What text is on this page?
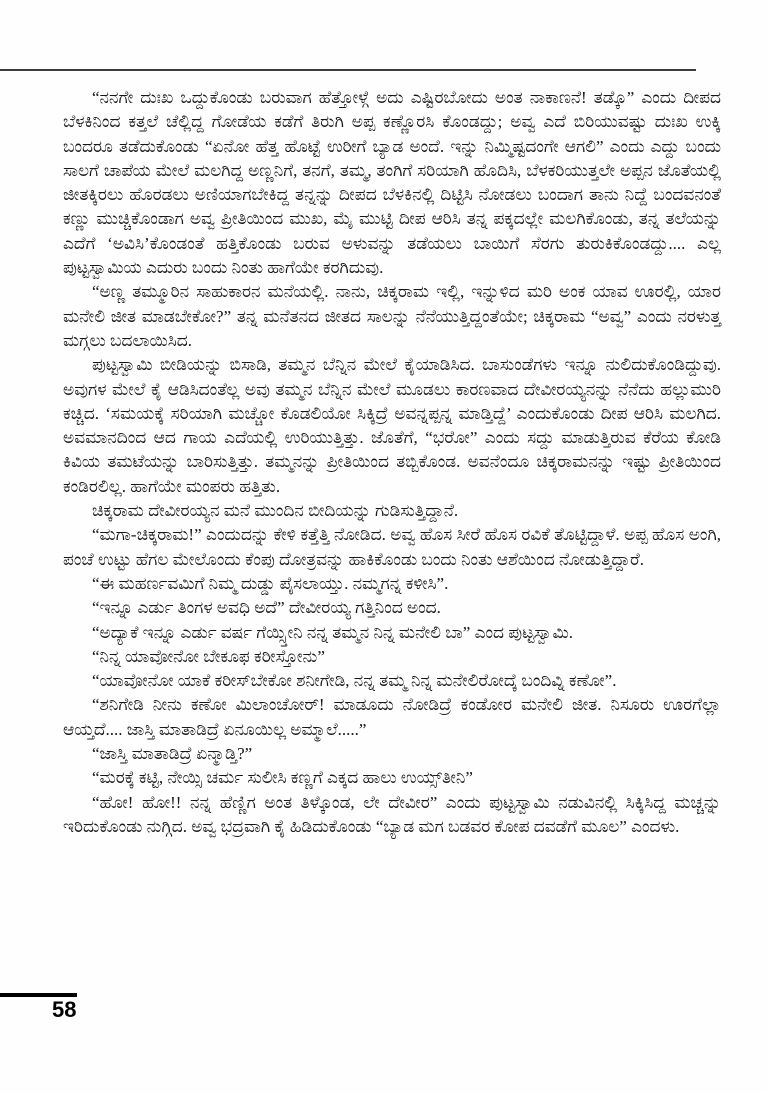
“ನನಗೇ ದುಃಖ ಒದ್ದುಕೊಂಡು ಬರುವಾಗ ಹೆತ್ತೋಳ್ಗೆ ಅದು ಎಷ್ಟಿರಬೋದು ಅಂತ ನಾಕಾಣನೆ! ತಡ್ಕೊ” ಎಂದು ದೀಪದ ಬೆಳಕಿನಿಂದ ಕತ್ತಲೆ ಚೆಲ್ಲಿದ್ದ ಗೋಡೆಯ ಕಡೆಗೆ ತಿರುಗಿ ಅಪ್ಪ ಕಣ್ಣೊರಸಿ ಕೊಂಡದ್ದು; ಅವ್ವ ಎದೆ ಬಿರಿಯುವಷ್ಟು ದುಃಖ ಉಕ್ಕಿ ಬಂದರೂ ತಡೆದುಕೊಂಡು “ಏನೋ ಹೆತ್ತ ಹೊಟ್ಟೆ ಉರೀಗೆ ಬ್ಯಾಡ ಅಂದೆ. ಇನ್ನು ನಿಮ್ಮಿಷ್ಟದಂಗೇ ಆಗಲಿ” ಎಂದು ಎದ್ದು ಬಂದು ಸಾಲಗೆ ಚಾಪೆಯ ಮೇಲೆ ಮಲಗಿದ್ದ ಅಣ್ಣನಿಗೆ, ತನಗೆ, ತಮ್ಮ, ತಂಗಿಗೆ ಸರಿಯಾಗಿ ಹೊದಿಸಿ, ಬೆಳಕರಿಯುತ್ತಲೇ ಅಪ್ಪನ ಜೊತೆಯಲ್ಲಿ ಜೀತಕ್ಕಿರಲು ಹೊರಡಲು ಅಣಿಯಾಗಬೇಕಿದ್ದ ತನ್ನನ್ನು ದೀಪದ ಬೆಳಕಿನಲ್ಲಿ ದಿಟ್ಟಿಸಿ ನೋಡಲು ಬಂದಾಗ ತಾನು ನಿದ್ದೆ ಬಂದವನಂತೆ ಕಣ್ಣು ಮುಚ್ಚಿಕೊಂಡಾಗ ಅವ್ವ ಪ್ರೀತಿಯಿಂದ ಮುಖ, ಮೈ ಮುಟ್ಟಿ ದೀಪ ಆರಿಸಿ ತನ್ನ ಪಕ್ಕದಲ್ಲೇ ಮಲಗಿಕೊಂಡು, ತನ್ನ ತಲೆಯನ್ನು ಎದೆಗೆ ‘ಅವಿಸಿ’ಕೊಂಡಂತೆ ಹತ್ತಿಕೊಂಡು ಬರುವ ಅಳುವನ್ನು ತಡೆಯಲು ಬಾಯಿಗೆ ಸೆರಗು ತುರುಕಿಕೊಂಡದ್ದು.... ಎಲ್ಲ ಪುಟ್ಟಸ್ವಾಮಿಯ ಎದುರು ಬಂದು ನಿಂತು ಹಾಗೆಯೇ ಕರಗಿದುವು.

“ಅಣ್ಣ ತಮ್ಮೂರಿನ ಸಾಹುಕಾರನ ಮನೆಯಲ್ಲಿ. ನಾನು, ಚಿಕ್ಕರಾಮ ಇಲ್ಲಿ, ಇನ್ನುಳಿದ ಮರಿ ಅಂಕ ಯಾವ ಊರಲ್ಲಿ, ಯಾರ ಮನೇಲಿ ಜೀತ ಮಾಡಬೇಕೋ?” ತನ್ನ ಮನೆತನದ ಜೀತದ ಸಾಲನ್ನು ನೆನೆಯುತ್ತಿದ್ದಂತೆಯೇ; ಚಿಕ್ಕರಾಮ “ಅವ್ವ” ಎಂದು ನರಳುತ್ತ ಮಗ್ಗಲು ಬದಲಾಯಿಸಿದ.

ಪುಟ್ಟಸ್ವಾಮಿ ಬೀಡಿಯನ್ನು ಬಿಸಾಡಿ, ತಮ್ಮನ ಬೆನ್ನಿನ ಮೇಲೆ ಕೈಯಾಡಿಸಿದ. ಬಾಸುಂಡೆಗಳು ಇನ್ನೂ ನುಲಿದುಕೊಂಡಿದ್ದುವು. ಅವುಗಳ ಮೇಲೆ ಕೈ ಆಡಿಸಿದಂತೆಲ್ಲ ಅವು ತಮ್ಮನ ಬೆನ್ನಿನ ಮೇಲೆ ಮೂಡಲು ಕಾರಣವಾದ ದೇವೀರಯ್ಯನನ್ನು ನೆನೆದು ಹಲ್ಲುಮುರಿ ಕಚ್ಚಿದ. ‘ಸಮಯಕ್ಕೆ ಸರಿಯಾಗಿ ಮಚ್ಚೋ ಕೊಡಲಿಯೋ ಸಿಕ್ಕಿದ್ರೆ ಅವನ್ನಪ್ಪನ್ನ ಮಾಡ್ತಿದ್ದೆ’ ಎಂದುಕೊಂಡು ದೀಪ ಆರಿಸಿ ಮಲಗಿದ. ಅವಮಾನದಿಂದ ಆದ ಗಾಯ ಎದೆಯಲ್ಲಿ ಉರಿಯುತ್ತಿತ್ತು. ಜೊತೆಗೆ, “ಭರೋ” ಎಂದು ಸದ್ದು ಮಾಡುತ್ತಿರುವ ಕೆರೆಯ ಕೋಡಿ ಕಿವಿಯ ತಮಟೆಯನ್ನು ಬಾರಿಸುತ್ತಿತ್ತು. ತಮ್ಮನನ್ನು ಪ್ರೀತಿಯಿಂದ ತಬ್ಬಿಕೊಂಡ. ಅವನೆಂದೂ ಚಿಕ್ಕರಾಮನನ್ನು ಇಷ್ಟು ಪ್ರೀತಿಯಿಂದ ಕಂಡಿರಲಿಲ್ಲ. ಹಾಗೆಯೇ ಮಂಪರು ಹತ್ತಿತು.

ಚಿಕ್ಕರಾಮ ದೇವೀರಯ್ಯನ ಮನೆ ಮುಂದಿನ ಬೀದಿಯನ್ನು ಗುಡಿಸುತ್ತಿದ್ದಾನೆ.

“ಮಗಾ-ಚಿಕ್ಕರಾಮ!” ಎಂದುದನ್ನು ಕೇಳಿ ಕತ್ತೆತ್ತಿ ನೋಡಿದ. ಅವ್ವ ಹೊಸ ಸೀರೆ ಹೊಸ ರವಿಕೆ ತೊಟ್ಟಿದ್ದಾಳೆ. ಅಪ್ಪ ಹೊಸ ಅಂಗಿ, ಪಂಚೆ ಉಟ್ಟು ಹೆಗಲ ಮೇಲೊಂದು ಕೆಂಪು ದೋತ್ರವನ್ನು ಹಾಕಿಕೊಂಡು ಬಂದು ನಿಂತು ಆಶೆಯಿಂದ ನೋಡುತ್ತಿದ್ದಾರೆ.

“ಈ ಮಹರ್ಣವಮಿಗೆ ನಿಮ್ಮ ದುಡ್ಡು ಪೈಸಲಾಯ್ತು. ನಮ್ಮಗನ್ನ ಕಳೀಸಿ”.

“ಇನ್ನೂ ಎರ್ಡು ತಿಂಗಳ ಅವಧಿ ಅದೆ” ದೇವೀರಯ್ಯ ಗತ್ತಿನಿಂದ ಅಂದ.

“ಅದ್ಯಾಕೆ ಇನ್ನೂ ಎರ್ಡು ವರ್ಷ ಗೆಯ್ಸ್ತೀನಿ ನನ್ನ ತಮ್ಮನ ನಿನ್ನ ಮನೇಲಿ ಬಾ” ಎಂದ ಪುಟ್ಟಸ್ವಾಮಿ.

“ನಿನ್ನ ಯಾವೋನೋ ಬೇಕೂಫ ಕರೀಸ್ತೋನು”

“ಯಾವೋನೋ ಯಾಕೆ ಕರೀಸ್‌ಬೇಕೋ ಶನೀಗೇಡಿ, ನನ್ನ ತಮ್ಮ ನಿನ್ನ ಮನೇಲಿರೋದ್ಕೆ ಬಂದಿವ್ನಿ ಕಣೋ”.

“ಶನಿಗೇಡಿ ನೀನು ಕಣೋ ಮಿಲಾಂಚೋರ್! ಮಾಡೂದು ನೋಡಿದ್ರೆ ಕಂಡೋರ ಮನೇಲಿ ಜೀತ. ನಿಸೂರು ಊರಗೆಲ್ಲಾ ಆಯ್ತದೆ.... ಜಾಸ್ತಿ ಮಾತಾಡಿದ್ರೆ ಏನೂಯಿಲ್ಲ ಅಮ್ಮಾಲೆ.....”

“ಜಾಸ್ತಿ ಮಾತಾಡಿದ್ರೆ ಏನ್ಮಾಡ್ತಿ?”

“ಮರಕ್ಕೆ ಕಟ್ಟಿ, ನೇಯ್ಸಿ ಚರ್ಮ ಸುಲೀಸಿ ಕಣ್ಣಗೆ ಎಕ್ಕದ ಹಾಲು ಉಯ್ಸ್‌ತೀನಿ”

“ಹೋ! ಹೋ!! ನನ್ನ ಹೆಣ್ಣಿಗ ಅಂತ ತಿಳ್ಕೊಂಡ, ಲೇ ದೇವೀರ” ಎಂದು ಪುಟ್ಟಸ್ವಾಮಿ ನಡುವಿನಲ್ಲಿ ಸಿಕ್ಕಿಸಿದ್ದ ಮಚ್ಚನ್ನು ಇರಿದುಕೊಂಡು ನುಗ್ಗಿದ. ಅವ್ವ ಭದ್ರವಾಗಿ ಕೈ ಹಿಡಿದುಕೊಂಡು “ಬ್ಯಾಡ ಮಗ ಬಡವರ ಕೋಪ ದವಡೆಗೆ ಮೂಲ” ಎಂದಳು.

58
